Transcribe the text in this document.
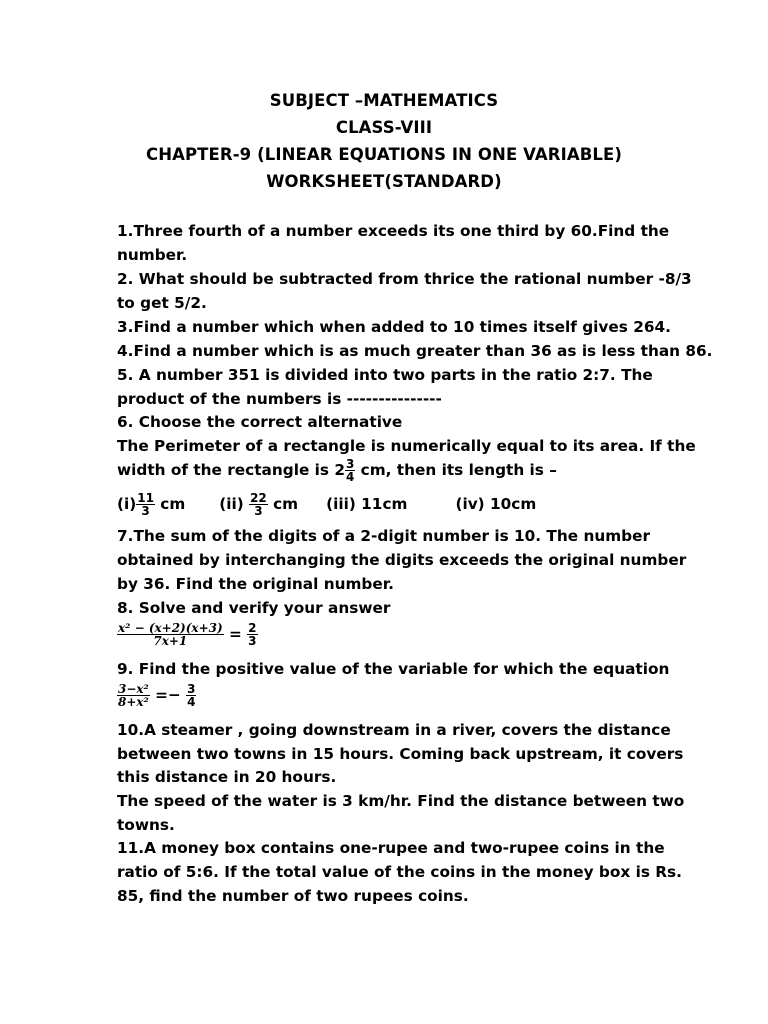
SUBJECT –MATHEMATICS
CLASS-VIII
CHAPTER-9 (LINEAR EQUATIONS IN ONE VARIABLE)
WORKSHEET(STANDARD)
1.Three fourth of a number exceeds its one third by 60.Find the
number.
2. What should be subtracted from thrice the rational number -8/3
to get 5/2.
3.Find a number which when added to 10 times itself gives 264.
4.Find a number which is as much greater than 36 as is less than 86.
5. A number 351 is divided into two parts in the ratio 2:7. The
product of the numbers is ---------------
6. Choose the correct alternative
The Perimeter of a rectangle is numerically equal to its area. If the
width of the rectangle is $2 \frac{3}{4}$ cm, then its length is –
$(i) \frac{11}{3}$ cm $(ii) \frac{22}{3}$ cm (iii) 11cm	(iv) 10cm
7.The sum of the digits of a 2-digit number is 10. The number
obtained by interchanging the digits exceeds the original number
by 36. Find the original number.
8. Solve and verify your answer
$\frac{\text{x² − (x+2)(x+3)}}{7x+1} = \frac{2}{3}$
9. Find the positive value of the variable for which the equation
$\frac{\text{3−x²}}{\text{8+x²}} =- \frac{3}{4}$
10.A steamer , going downstream in a river, covers the distance
between two towns in 15 hours. Coming back upstream, it covers
this distance in 20 hours.
The speed of the water is 3 km/hr. Find the distance between two
towns.
11.A money box contains one-rupee and two-rupee coins in the
ratio of 5:6. If the total value of the coins in the money box is Rs.
85, find the number of two rupees coins.
